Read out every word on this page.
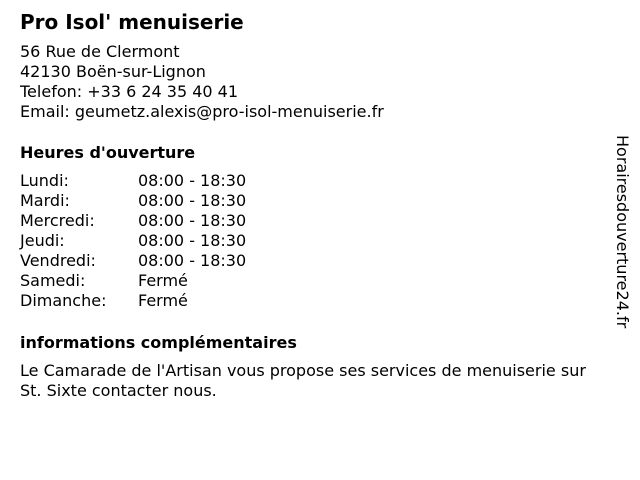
Pro Isol' menuiserie
56 Rue de Clermont
42130 Boën-sur-Lignon
Telefon: +33 6 24 35 40 41
Email: geumetz.alexis@pro-isol-menuiserie.fr
Heures d'ouverture
Lundi:	08:00 - 18:30
Mardi:	08:00 - 18:30
Mercredi:	08:00 - 18:30
Jeudi:	08:00 - 18:30
Vendredi:	08:00 - 18:30
Samedi:	Fermé
Dimanche:	Fermé
informations complémentaires
Le Camarade de l'Artisan vous propose ses services de menuiserie sur St. Sixte contacter nous.
Horairesdouverture24.fr
